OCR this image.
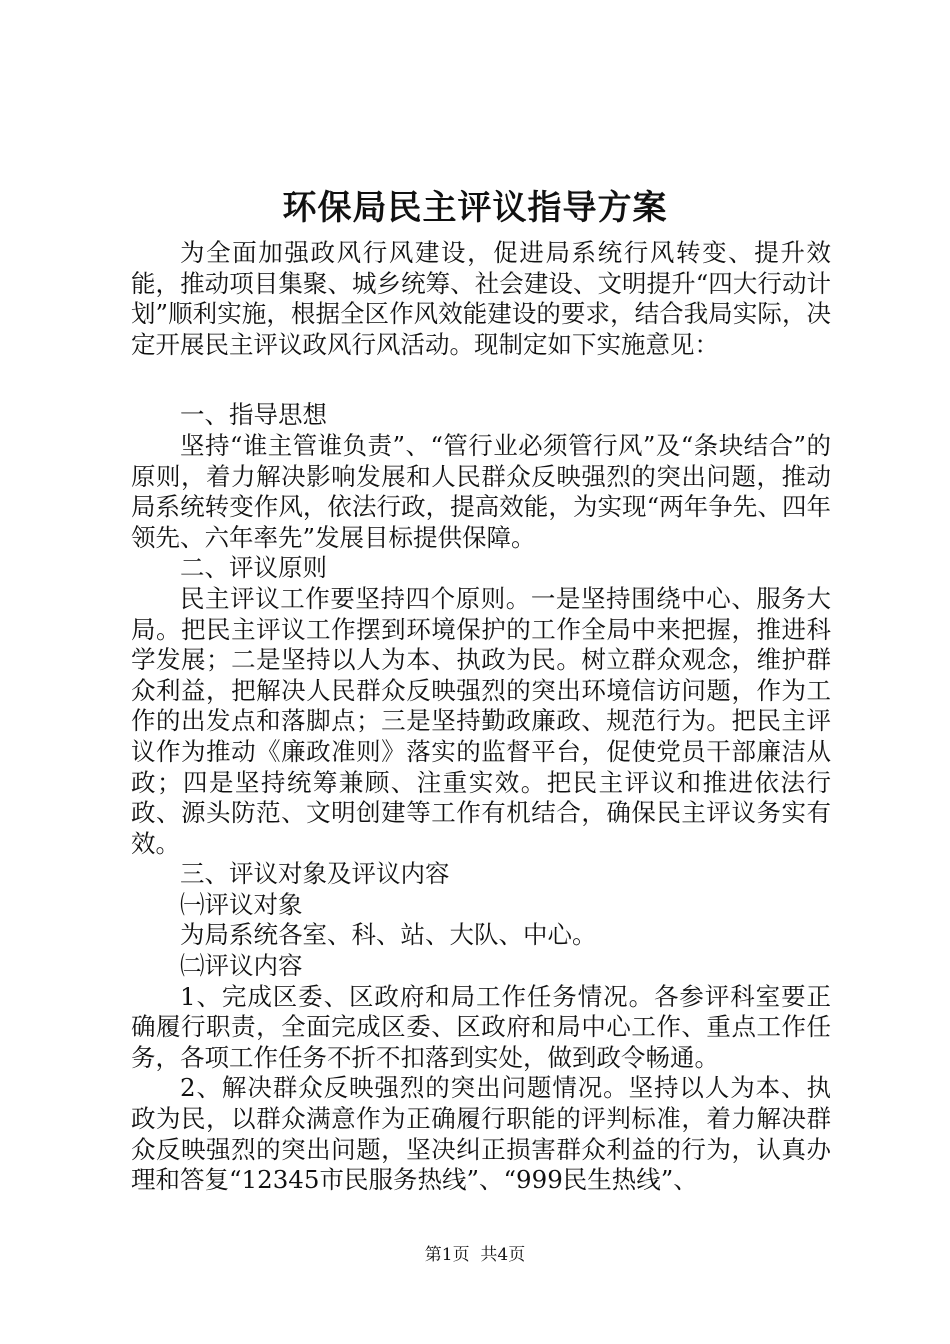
环保局民主评议指导方案

为全面加强政风行风建设，促进局系统行风转变、提升效能，推动项目集聚、城乡统筹、社会建设、文明提升“四大行动计划”顺利实施，根据全区作风效能建设的要求，结合我局实际，决定开展民主评议政风行风活动。现制定如下实施意见：

一、指导思想

坚持“谁主管谁负责”、“管行业必须管行风”及“条块结合”的原则，着力解决影响发展和人民群众反映强烈的突出问题，推动局系统转变作风，依法行政，提高效能，为实现“两年争先、四年领先、六年率先”发展目标提供保障。

二、评议原则

民主评议工作要坚持四个原则。一是坚持围绕中心、服务大局。把民主评议工作摆到环境保护的工作全局中来把握，推进科学发展；二是坚持以人为本、执政为民。树立群众观念，维护群众利益，把解决人民群众反映强烈的突出环境信访问题，作为工作的出发点和落脚点；三是坚持勤政廉政、规范行为。把民主评议作为推动《廉政准则》落实的监督平台，促使党员干部廉洁从政；四是坚持统筹兼顾、注重实效。把民主评议和推进依法行政、源头防范、文明创建等工作有机结合，确保民主评议务实有效。

三、评议对象及评议内容

㈠评议对象

为局系统各室、科、站、大队、中心。

㈡评议内容

1、完成区委、区政府和局工作任务情况。各参评科室要正确履行职责，全面完成区委、区政府和局中心工作、重点工作任务，各项工作任务不折不扣落到实处，做到政令畅通。

2、解决群众反映强烈的突出问题情况。坚持以人为本、执政为民，以群众满意作为正确履行职能的评判标准，着力解决群众反映强烈的突出问题，坚决纠正损害群众利益的行为，认真办理和答复“12345市民服务热线”、“999民生热线”、

第1页  共4页
